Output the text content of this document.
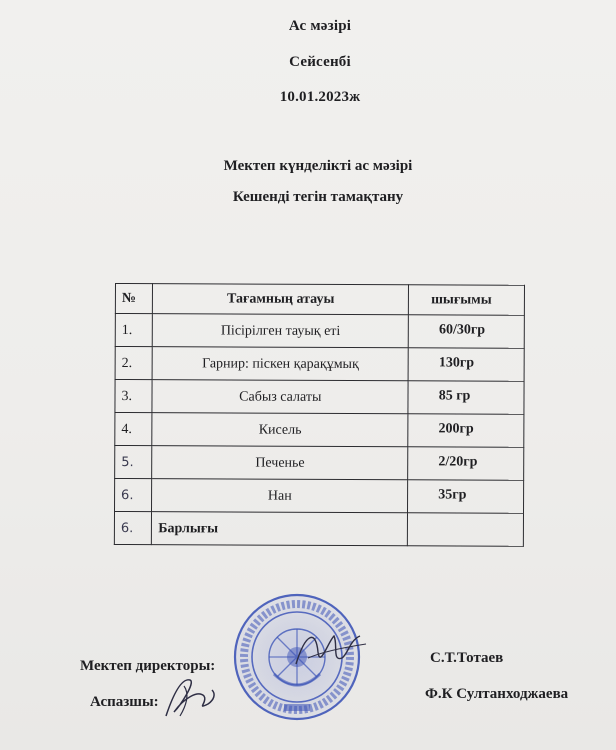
Ас мәзірі
Сейсенбі
10.01.2023ж
Мектеп күнделікті ас мәзірі
Кешенді тегін тамақтану
№	Тағамның атауы	шығымы

1.	Пісірілген тауық еті	60/30гр

2.	Гарнир: піскен қарақұмық	130гр

3.	Сабыз салаты	85 гр

4.	Кисель	200гр

5.	Печенье	2/20гр

6.	Нан	35гр

6.	Барлығы	

Мектеп директоры:	С.Т.Тотаев
Аспазшы:	Ф.К Султанходжаева
